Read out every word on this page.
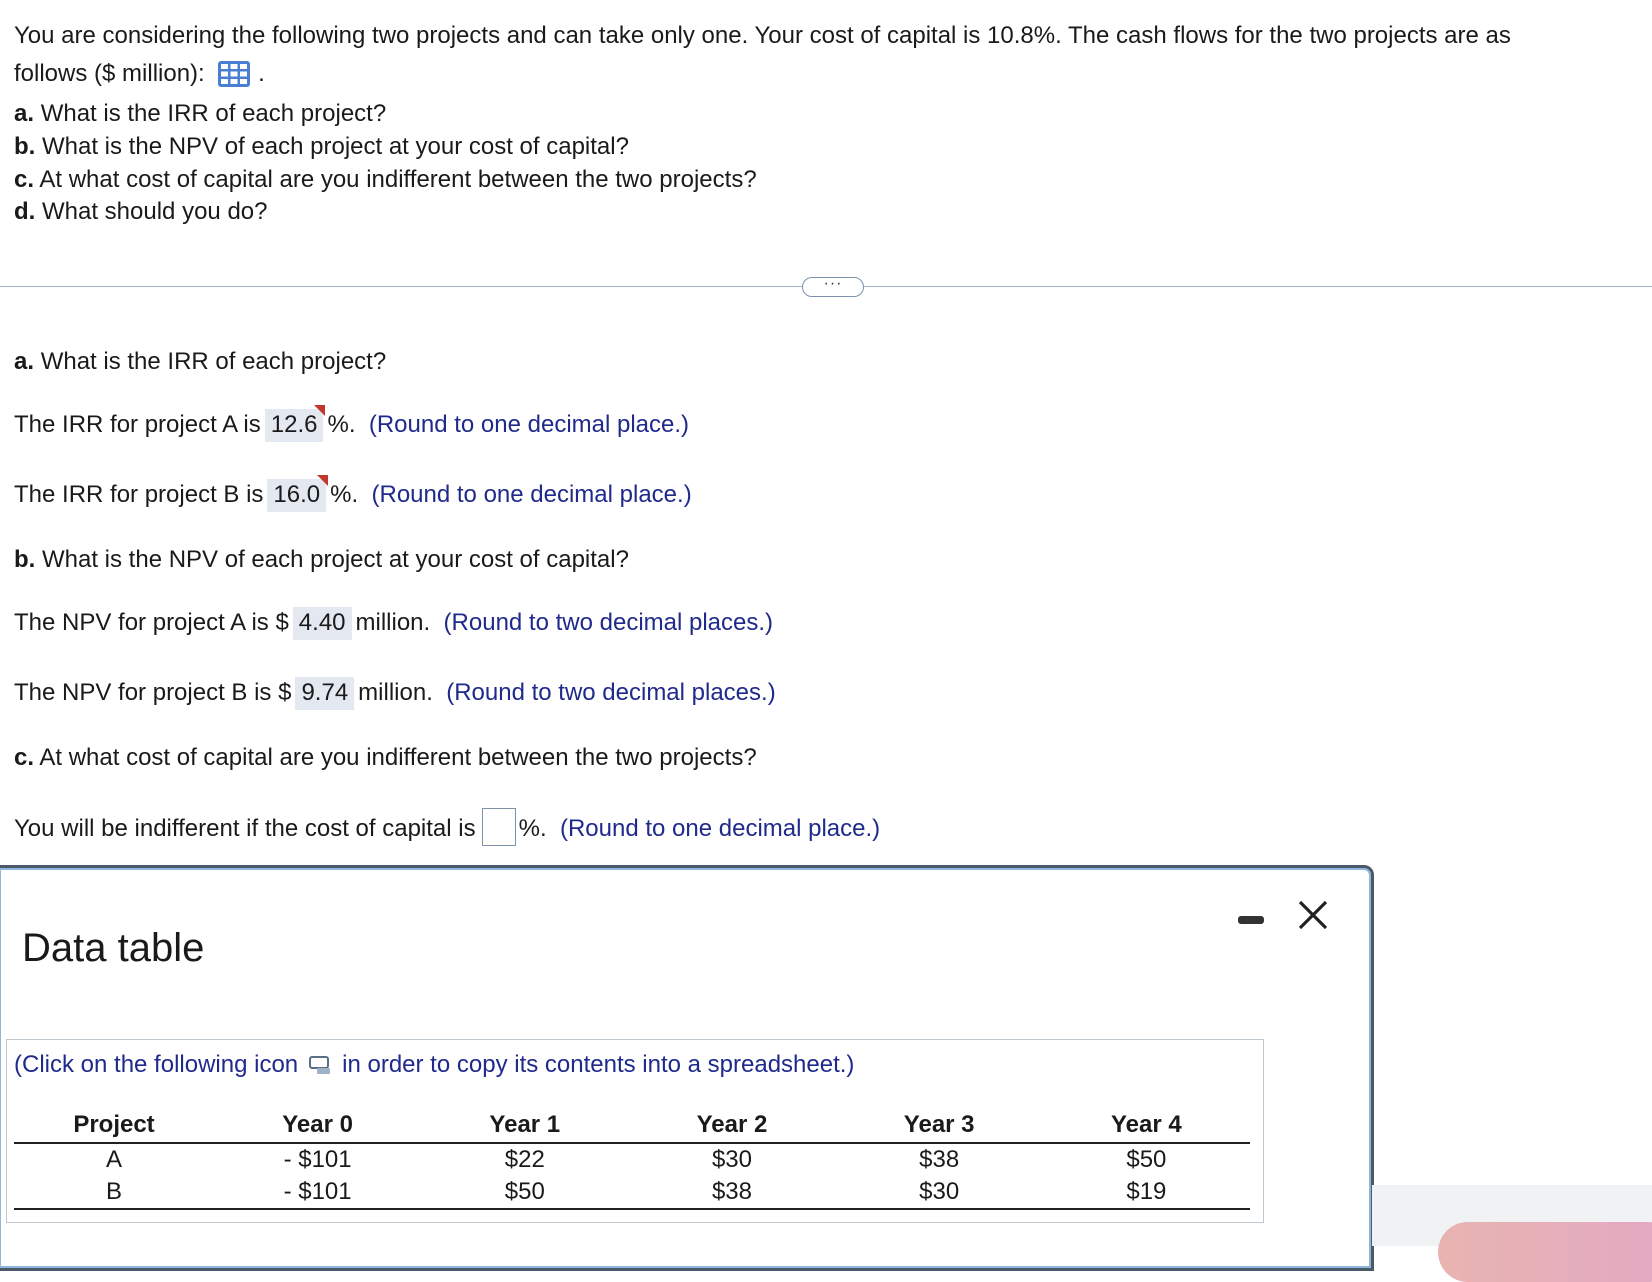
You are considering the following two projects and can take only one. Your cost of capital is 10.8%. The cash flows for the two projects are as
follows ($ million): .
a. What is the IRR of each project?
b. What is the NPV of each project at your cost of capital?
c. At what cost of capital are you indifferent between the two projects?
d. What should you do?
···
a. What is the IRR of each project?
The IRR for project A is 12.6 %. (Round to one decimal place.)
The IRR for project B is 16.0 %. (Round to one decimal place.)
b. What is the NPV of each project at your cost of capital?
The NPV for project A is $ 4.40 million. (Round to two decimal places.)
The NPV for project B is $ 9.74 million. (Round to two decimal places.)
c. At what cost of capital are you indifferent between the two projects?
You will be indifferent if the cost of capital is %. (Round to one decimal place.)
Data table
(Click on the following icon in order to copy its contents into a spreadsheet.)
Project	Year 0	Year 1	Year 2	Year 3	Year 4
A	- $101	$22	$30	$38	$50
B	- $101	$50	$38	$30	$19
